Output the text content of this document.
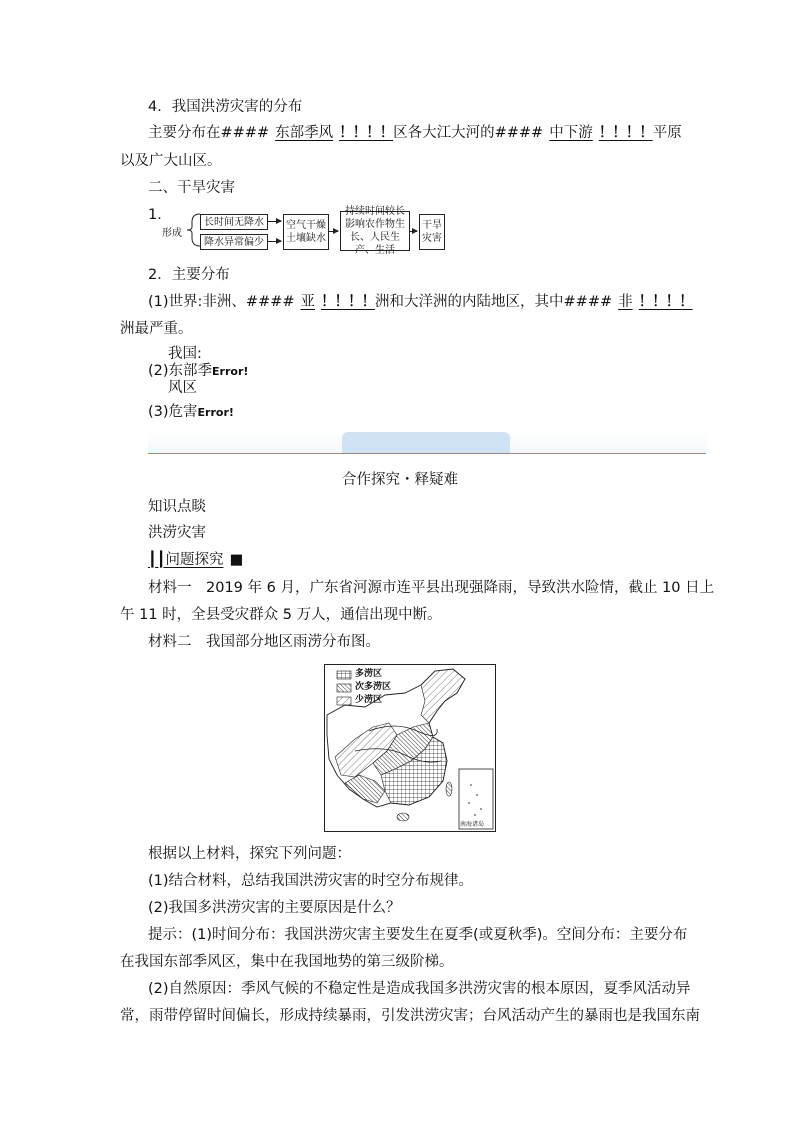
4．我国洪涝灾害的分布
主要分布在#### 东部季风 ！！！！区各大江大河的#### 中下游 ！！！！平原
以及广大山区。
二、干旱灾害
1．
形成
长时间无降水
降水异常偏少
空气干燥土壤缺水
持续时间较长影响农作物生长、人民生产、生活
干旱灾害
2．主要分布
(1)世界:非洲、#### 亚 ！！！！洲和大洋洲的内陆地区，其中#### 非 ！！！！
洲最严重。
我国:
(2)东部季Error!
风区
(3)危害Error!
合作探究・释疑难
知识点睒
洪涝灾害
┃┃问题探究 ■
材料一　2019 年 6 月，广东省河源市连平县出现强降雨，导致洪水险情，截止 10 日上
午 11 时，全县受灾群众 5 万人，通信出现中断。
材料二　我国部分地区雨涝分布图。
多涝区
次多涝区
少涝区
南海诸岛
根据以上材料，探究下列问题：
(1)结合材料，总结我国洪涝灾害的时空分布规律。
(2)我国多洪涝灾害的主要原因是什么？
提示：(1)时间分布：我国洪涝灾害主要发生在夏季(或夏秋季)。空间分布：主要分布
在我国东部季风区，集中在我国地势的第三级阶梯。
(2)自然原因：季风气候的不稳定性是造成我国多洪涝灾害的根本原因，夏季风活动异
常，雨带停留时间偏长，形成持续暴雨，引发洪涝灾害；台风活动产生的暴雨也是我国东南
